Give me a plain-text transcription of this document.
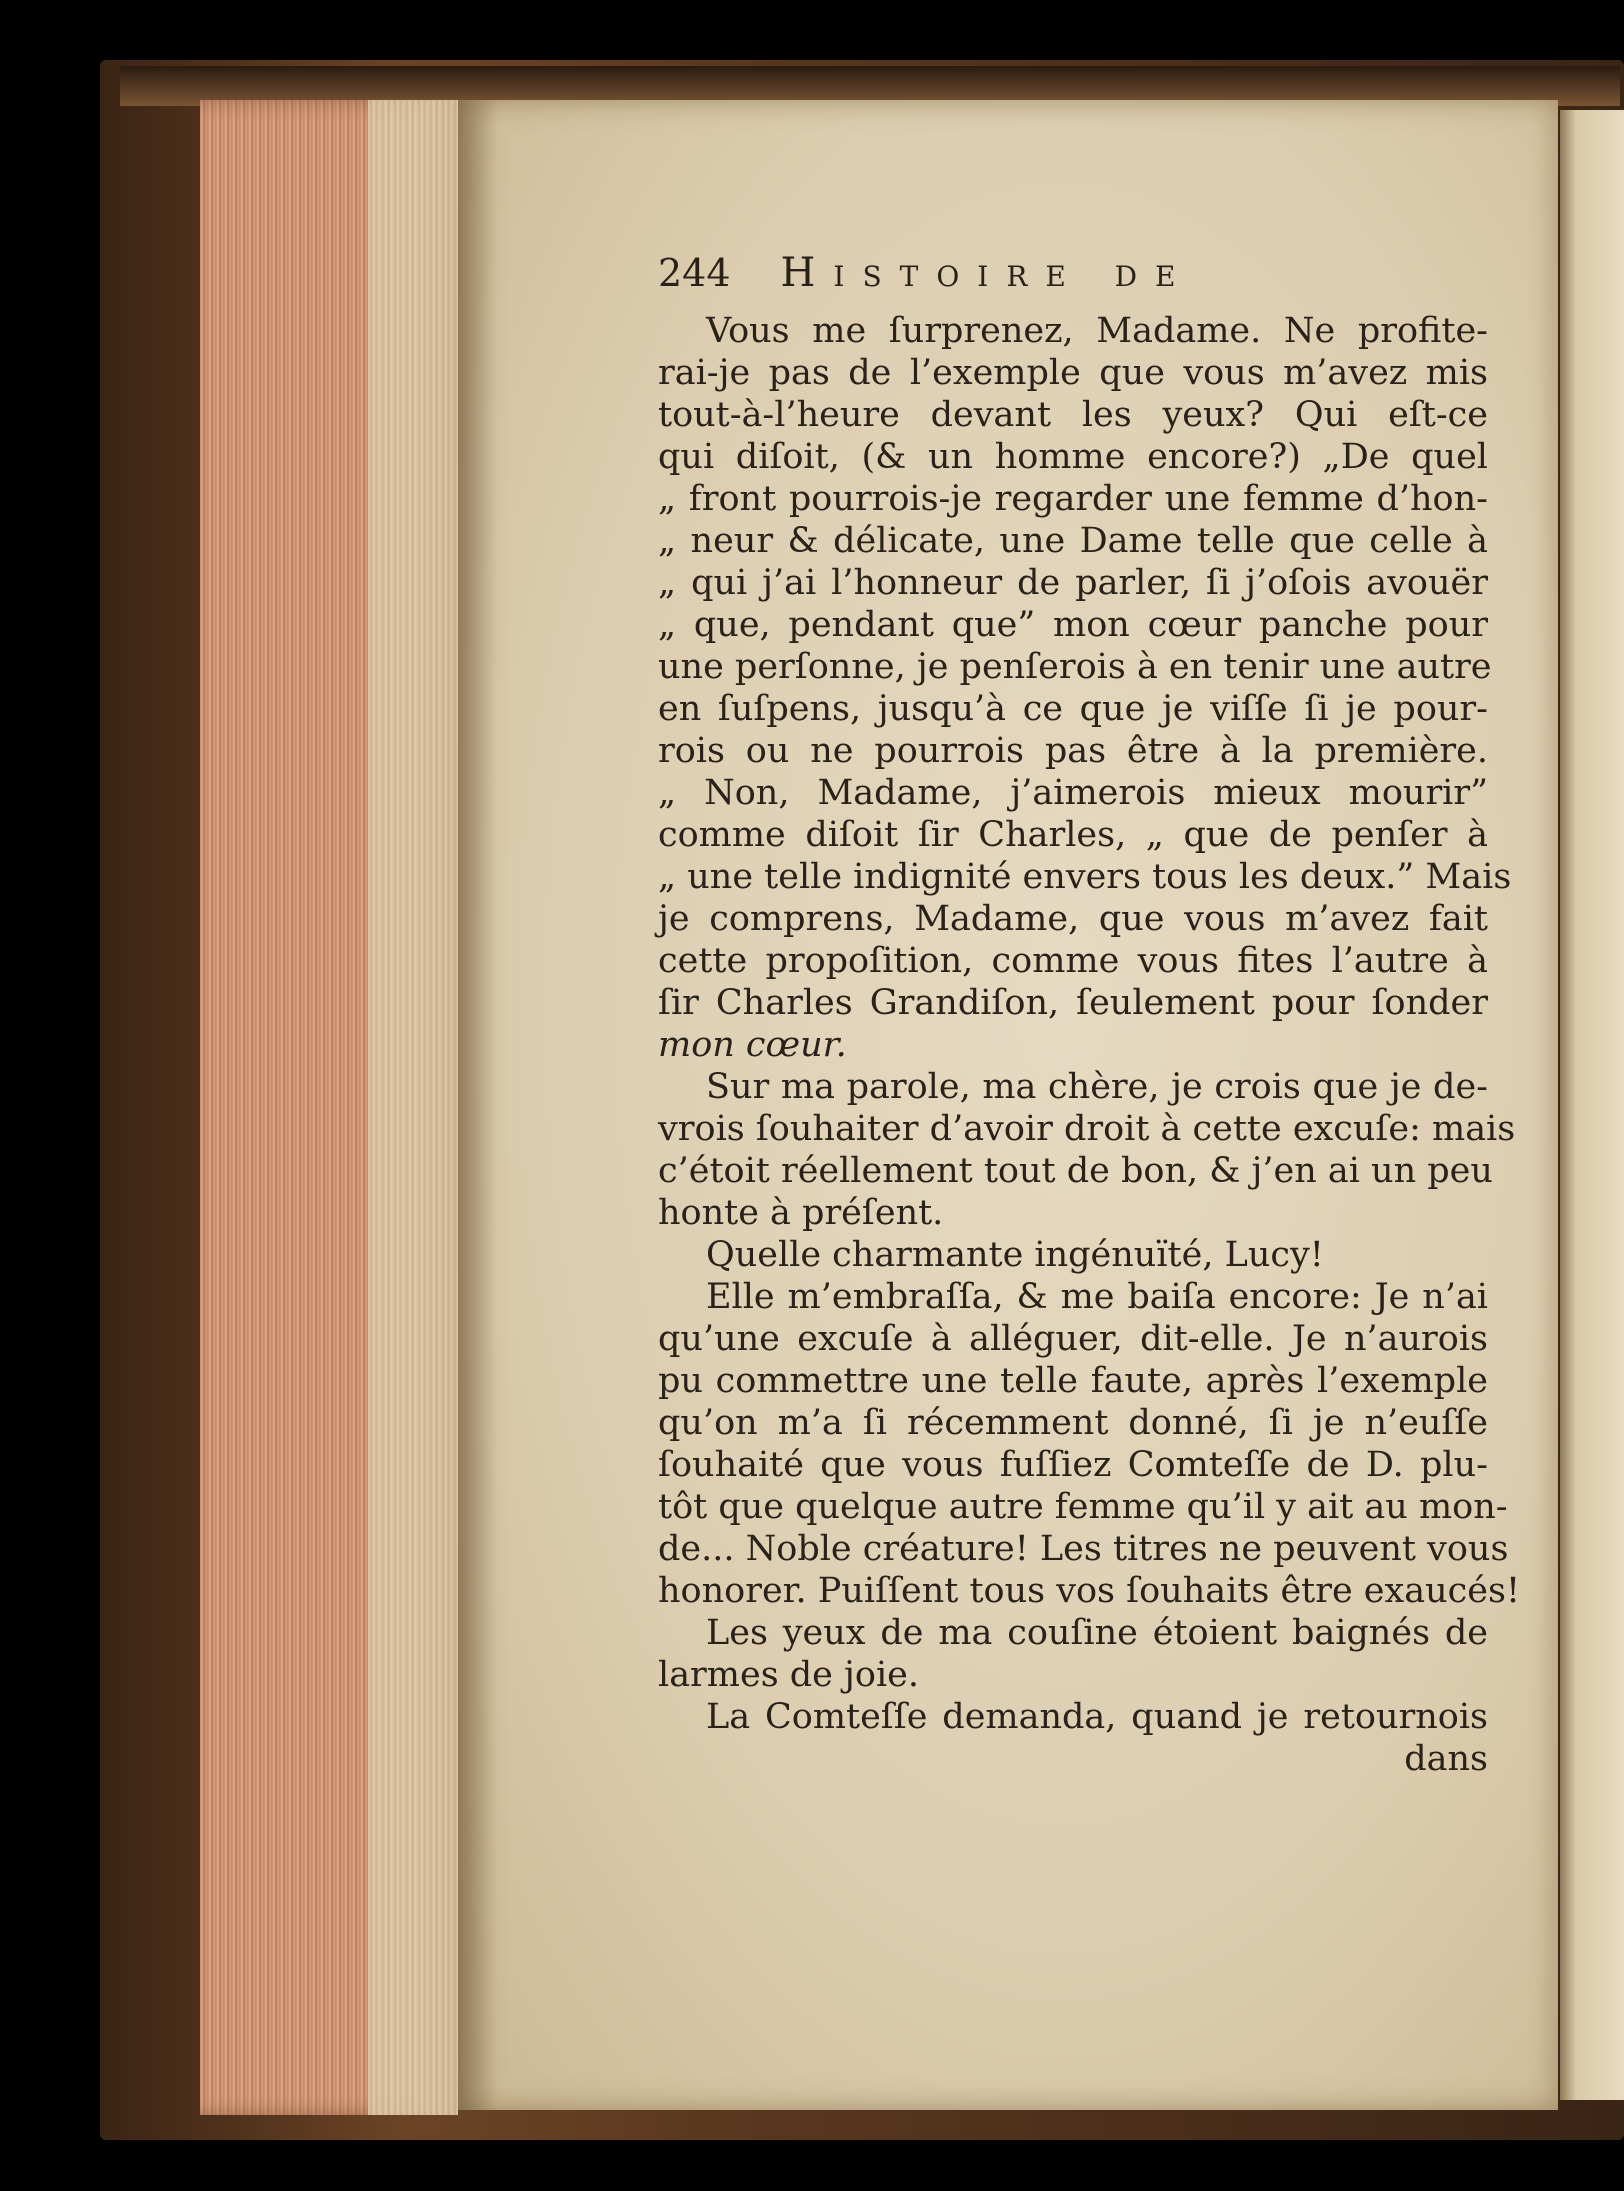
244 Histoire de
Vous me ſurprenez, Madame. Ne profite-
rai-je pas de l’exemple que vous m’avez mis
tout-à-l’heure devant les yeux? Qui eſt-ce
qui diſoit, (& un homme encore?) „De quel
„ front pourrois-je regarder une femme d’hon-
„ neur & délicate, une Dame telle que celle à
„ qui j’ai l’honneur de parler, ſi j’oſois avouër
„ que, pendant que” mon cœur panche pour
une perſonne, je penſerois à en tenir une autre
en ſuſpens, jusqu’à ce que je viſſe ſi je pour-
rois ou ne pourrois pas être à la première.
„ Non, Madame, j’aimerois mieux mourir”
comme diſoit ſir Charles, „ que de penſer à
„ une telle indignité envers tous les deux.” Mais
je comprens, Madame, que vous m’avez fait
cette propoſition, comme vous fites l’autre à
ſir Charles Grandiſon, ſeulement pour ſonder
mon cœur.
Sur ma parole, ma chère, je crois que je de-
vrois ſouhaiter d’avoir droit à cette excuſe: mais
c’étoit réellement tout de bon, & j’en ai un peu
honte à préſent.
Quelle charmante ingénuïté, Lucy!
Elle m’embraſſa, & me baiſa encore: Je n’ai
qu’une excuſe à alléguer, dit-elle. Je n’aurois
pu commettre une telle faute, après l’exemple
qu’on m’a ſi récemment donné, ſi je n’euſſe
ſouhaité que vous fuſſiez Comteſſe de D. plu-
tôt que quelque autre femme qu’il y ait au mon-
de... Noble créature! Les titres ne peuvent vous
honorer. Puiſſent tous vos ſouhaits être exaucés!
Les yeux de ma couſine étoient baignés de
larmes de joie.
La Comteſſe demanda, quand je retournois
dans
